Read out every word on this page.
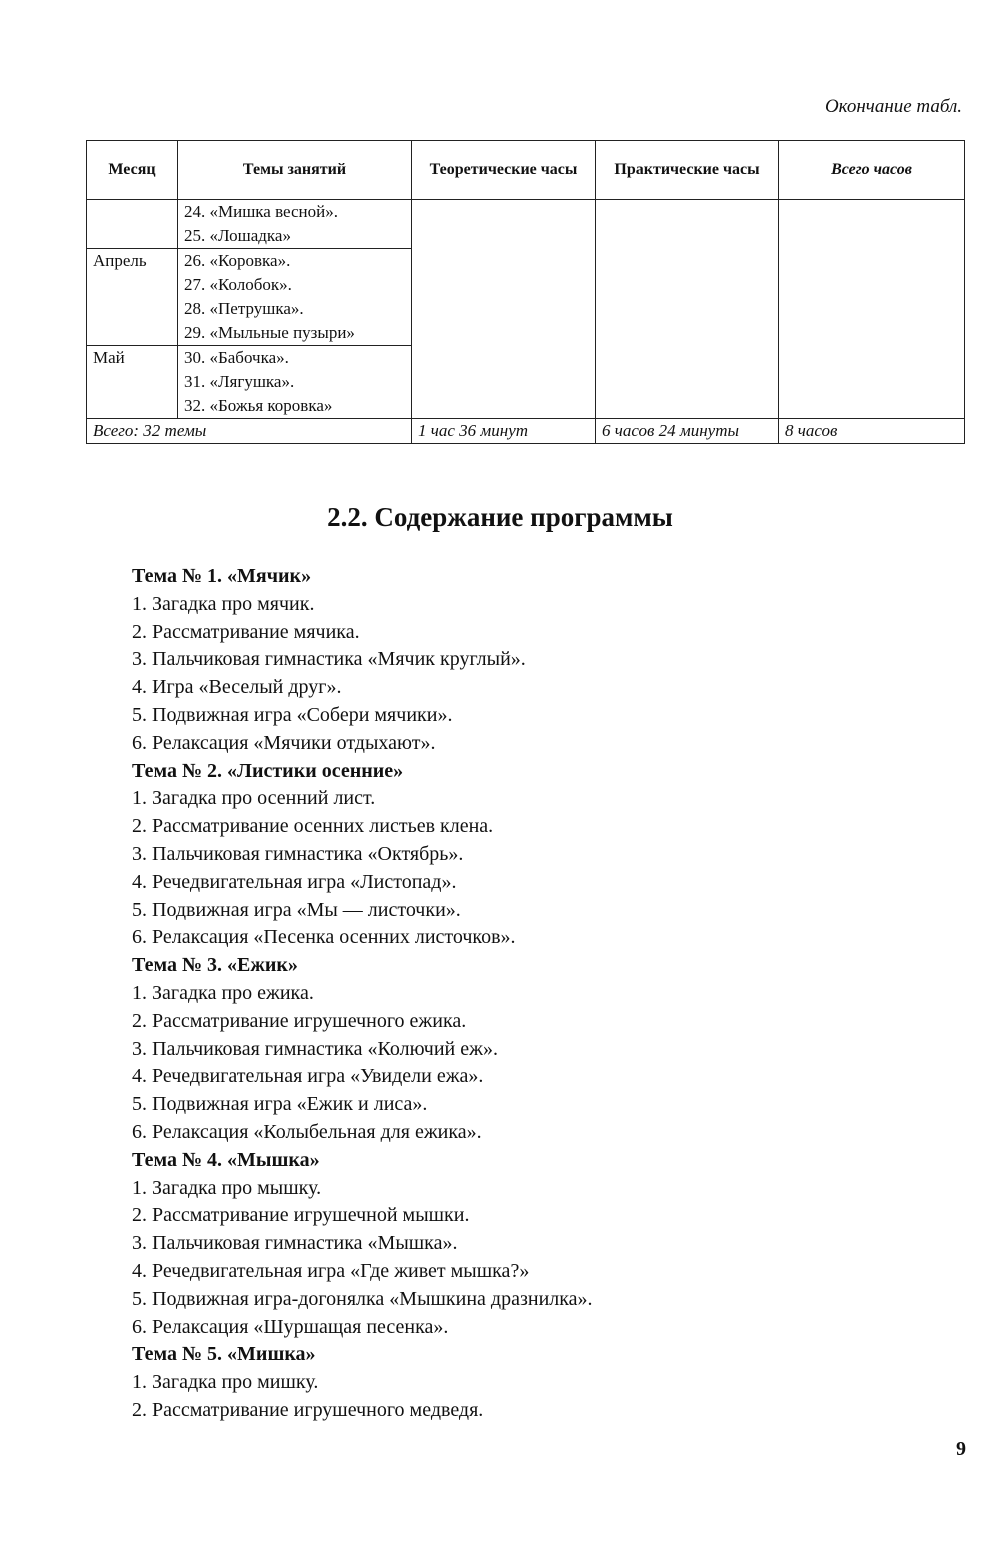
Окончание табл.
Месяц	Темы занятий	Теоретические часы	Практические часы	Всего часов

	24. «Мишка весной».
25. «Лошадка»			

Апрель	26. «Коровка».
27. «Колобок».
28. «Петрушка».
29. «Мыльные пузыри»			

Май	30. «Бабочка».
31. «Лягушка».
32. «Божья коровка»			

Всего: 32 темы		1 час 36 минут	6 часов 24 минуты	8 часов
2.2. Содержание программы
Тема № 1. «Мячик»
1. Загадка про мячик.
2. Рассматривание мячика.
3. Пальчиковая гимнастика «Мячик круглый».
4. Игра «Веселый друг».
5. Подвижная игра «Собери мячики».
6. Релаксация «Мячики отдыхают».
Тема № 2. «Листики осенние»
1. Загадка про осенний лист.
2. Рассматривание осенних листьев клена.
3. Пальчиковая гимнастика «Октябрь».
4. Речедвигательная игра «Листопад».
5. Подвижная игра «Мы — листочки».
6. Релаксация «Песенка осенних листочков».
Тема № 3. «Ежик»
1. Загадка про ежика.
2. Рассматривание игрушечного ежика.
3. Пальчиковая гимнастика «Колючий еж».
4. Речедвигательная игра «Увидели ежа».
5. Подвижная игра «Ежик и лиса».
6. Релаксация «Колыбельная для ежика».
Тема № 4. «Мышка»
1. Загадка про мышку.
2. Рассматривание игрушечной мышки.
3. Пальчиковая гимнастика «Мышка».
4. Речедвигательная игра «Где живет мышка?»
5. Подвижная игра-догонялка «Мышкина дразнилка».
6. Релаксация «Шуршащая песенка».
Тема № 5. «Мишка»
1. Загадка про мишку.
2. Рассматривание игрушечного медведя.
9
